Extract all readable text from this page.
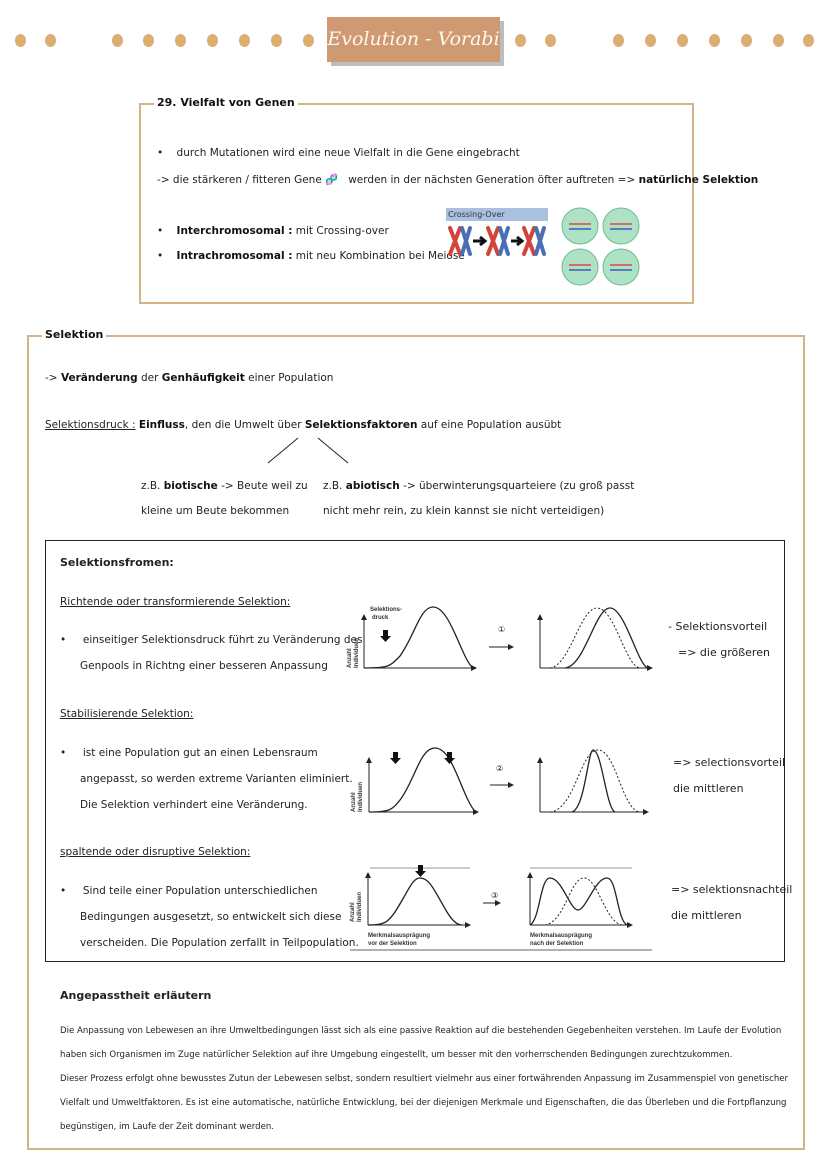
Evolution - Vorabi
29. Vielfalt von Genen
•    durch Mutationen wird eine neue Vielfalt in die Gene eingebracht
-> die stärkeren / fitteren Gene 🧬 werden in der nächsten Generation öfter auftreten => natürliche Selektion
•    Interchromosomal : mit Crossing-over
•    Intrachromosomal : mit neu Kombination bei Meiose
Crossing-Over
Selektion
-> Veränderung der Genhäufigkeit einer Population
Selektionsdruck : Einfluss, den die Umwelt über Selektionsfaktoren auf eine Population ausübt
z.B. biotische -> Beute weil zu
kleine um Beute bekommen
z.B. abiotisch -> überwinterungsquarteiere (zu groß passt
nicht mehr rein, zu klein kannst sie nicht verteidigen)
Selektionsfromen:
Richtende oder transformierende Selektion:
•     einseitiger Selektionsdruck führt zu Veränderung des
Genpools in Richtng einer besseren Anpassung
Stabilisierende Selektion:
•     ist eine Population gut an einen Lebensraum
angepasst, so werden extreme Varianten eliminiert.
Die Selektion verhindert eine Veränderung.
spaltende oder disruptive Selektion:
•     Sind teile einer Population unterschiedlichen
Bedingungen ausgesetzt, so entwickelt sich diese
verscheiden. Die Population zerfallt in Teilpopulation.
- Selektionsvorteil
=> die größeren
=> selectionsvorteil
die mittleren
=> selektionsnachteil
die mittleren
①
②
③
Selektions-
druck
Anzahl Individuen
Anzahl Individuen
Anzahl Individuen
Merkmalsausprägung
vor der Selektion
Merkmalsausprägung
nach der Selektion
Angepasstheit erläutern
Die Anpassung von Lebewesen an ihre Umweltbedingungen lässt sich als eine passive Reaktion auf die bestehenden Gegebenheiten verstehen. Im Laufe der Evolution
haben sich Organismen im Zuge natürlicher Selektion auf ihre Umgebung eingestellt, um besser mit den vorherrschenden Bedingungen zurechtzukommen.
Dieser Prozess erfolgt ohne bewusstes Zutun der Lebewesen selbst, sondern resultiert vielmehr aus einer fortwährenden Anpassung im Zusammenspiel von genetischer
Vielfalt und Umweltfaktoren. Es ist eine automatische, natürliche Entwicklung, bei der diejenigen Merkmale und Eigenschaften, die das Überleben und die Fortpflanzung
begünstigen, im Laufe der Zeit dominant werden.
